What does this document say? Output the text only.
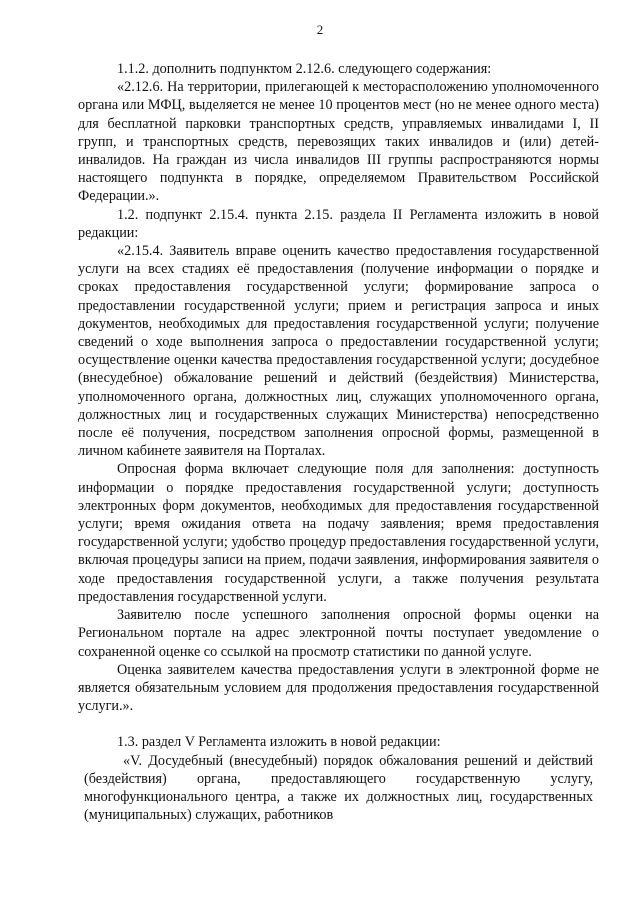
2

1.1.2. дополнить подпунктом 2.12.6. следующего содержания:

«2.12.6. На территории, прилегающей к месторасположению уполномоченного органа или МФЦ, выделяется не менее 10 процентов мест (но не менее одного места) для бесплатной парковки транспортных средств, управляемых инвалидами I, II групп, и транспортных средств, перевозящих таких инвалидов и (или) детей-инвалидов. На граждан из числа инвалидов III группы распространяются нормы настоящего подпункта в порядке, определяемом Правительством Российской Федерации.».

1.2. подпункт 2.15.4. пункта 2.15. раздела II Регламента изложить в новой редакции:

«2.15.4. Заявитель вправе оценить качество предоставления государственной услуги на всех стадиях её предоставления (получение информации о порядке и сроках предоставления государственной услуги; формирование запроса о предоставлении государственной услуги; прием и регистрация запроса и иных документов, необходимых для предоставления государственной услуги; получение сведений о ходе выполнения запроса о предоставлении государственной услуги; осуществление оценки качества предоставления государственной услуги; досудебное (внесудебное) обжалование решений и действий (бездействия) Министерства, уполномоченного органа, должностных лиц, служащих уполномоченного органа, должностных лиц и государственных служащих Министерства) непосредственно после её получения, посредством заполнения опросной формы, размещенной в личном кабинете заявителя на Порталах.

Опросная форма включает следующие поля для заполнения: доступность информации о порядке предоставления государственной услуги; доступность электронных форм документов, необходимых для предоставления государственной услуги; время ожидания ответа на подачу заявления; время предоставления государственной услуги; удобство процедур предоставления государственной услуги, включая процедуры записи на прием, подачи заявления, информирования заявителя о ходе предоставления государственной услуги, а также получения результата предоставления государственной услуги.

Заявителю после успешного заполнения опросной формы оценки на Региональном портале на адрес электронной почты поступает уведомление о сохраненной оценке со ссылкой на просмотр статистики по данной услуге.

Оценка заявителем качества предоставления услуги в электронной форме не является обязательным условием для продолжения предоставления государственной услуги.».

1.3. раздел V Регламента изложить в новой редакции:

«V. Досудебный (внесудебный) порядок обжалования решений и действий (бездействия) органа, предоставляющего государственную услугу, многофункционального центра, а также их должностных лиц, государственных (муниципальных) служащих, работников
